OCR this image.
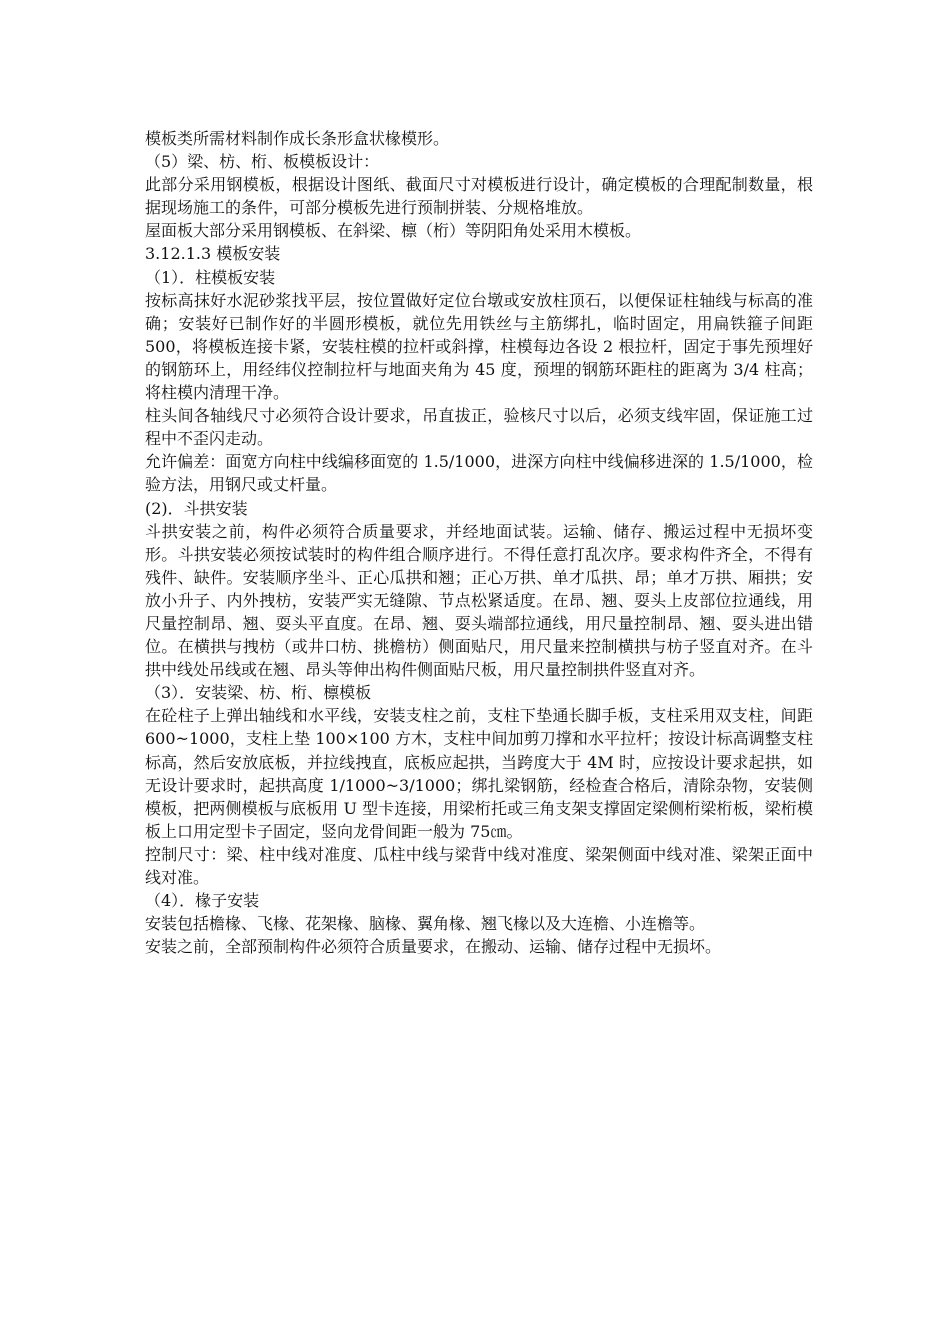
模板类所需材料制作成长条形盒状椽模形。

（5）梁、枋、桁、板模板设计：

此部分采用钢模板，根据设计图纸、截面尺寸对模板进行设计，确定模板的合理配制数量，根据现场施工的条件，可部分模板先进行预制拼装、分规格堆放。

屋面板大部分采用钢模板、在斜梁、檩（桁）等阴阳角处采用木模板。

3.12.1.3 模板安装

（1）．柱模板安装

按标高抹好水泥砂浆找平层，按位置做好定位台墩或安放柱顶石，以便保证柱轴线与标高的准确；安装好已制作好的半圆形模板，就位先用铁丝与主筋绑扎，临时固定，用扁铁箍子间距 500，将模板连接卡紧，安装柱模的拉杆或斜撑，柱模每边各设 2 根拉杆，固定于事先预埋好的钢筋环上，用经纬仪控制拉杆与地面夹角为 45 度，预埋的钢筋环距柱的距离为 3/4 柱高；将柱模内清理干净。

柱头间各轴线尺寸必须符合设计要求，吊直拔正，验核尺寸以后，必须支线牢固，保证施工过程中不歪闪走动。

允许偏差：面宽方向柱中线编移面宽的 1.5/1000，进深方向柱中线偏移进深的 1.5/1000，检验方法，用钢尺或丈杆量。

(2)．斗拱安装

斗拱安装之前，构件必须符合质量要求，并经地面试装。运输、储存、搬运过程中无损坏变形。斗拱安装必须按试装时的构件组合顺序进行。不得任意打乱次序。要求构件齐全，不得有残件、缺件。安装顺序坐斗、正心瓜拱和翘；正心万拱、单才瓜拱、昂；单才万拱、厢拱；安放小升子、内外拽枋，安装严实无缝隙、节点松紧适度。在昂、翘、耍头上皮部位拉通线，用尺量控制昂、翘、耍头平直度。在昂、翘、耍头端部拉通线，用尺量控制昂、翘、耍头进出错位。在横拱与拽枋（或井口枋、挑檐枋）侧面贴尺，用尺量来控制横拱与枋子竖直对齐。在斗拱中线处吊线或在翘、昂头等伸出构件侧面贴尺板，用尺量控制拱件竖直对齐。

（3）．安装梁、枋、桁、檩模板

在砼柱子上弹出轴线和水平线，安装支柱之前，支柱下垫通长脚手板，支柱采用双支柱，间距 600~1000，支柱上垫 100×100 方木，支柱中间加剪刀撑和水平拉杆；按设计标高调整支柱标高，然后安放底板，并拉线拽直，底板应起拱，当跨度大于 4M 时，应按设计要求起拱，如无设计要求时，起拱高度 1/1000~3/1000；绑扎梁钢筋，经检查合格后，清除杂物，安装侧模板，把两侧模板与底板用 U 型卡连接，用梁桁托或三角支架支撑固定梁侧桁梁桁板，梁桁模板上口用定型卡子固定，竖向龙骨间距一般为 75㎝。

控制尺寸：梁、柱中线对准度、瓜柱中线与梁背中线对准度、梁架侧面中线对准、梁架正面中线对准。

（4）．椽子安装

安装包括檐椽、飞椽、花架椽、脑椽、翼角椽、翘飞椽以及大连檐、小连檐等。

安装之前，全部预制构件必须符合质量要求，在搬动、运输、储存过程中无损坏。
